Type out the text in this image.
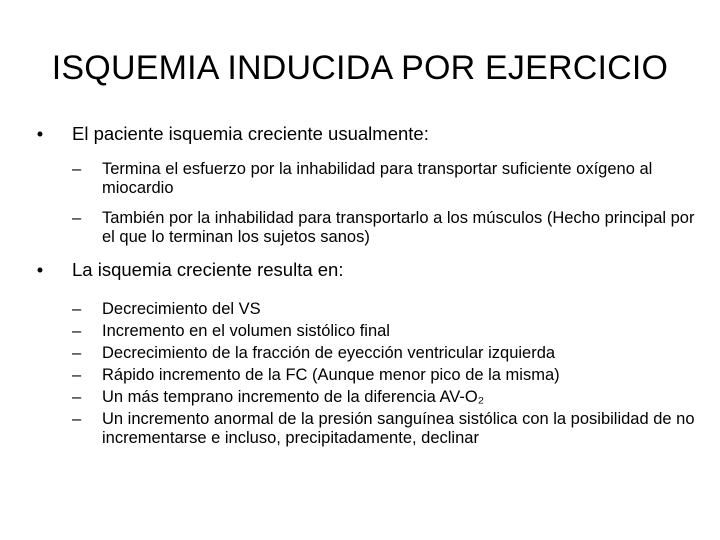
ISQUEMIA INDUCIDA POR EJERCICIO
•	El paciente isquemia creciente usualmente:
–	Termina el esfuerzo por la inhabilidad para transportar suficiente oxígeno al miocardio
–	También por la inhabilidad para transportarlo a los músculos (Hecho principal por el que lo terminan los sujetos sanos)
•	La isquemia creciente resulta en:
–	Decrecimiento del VS
–	Incremento en el volumen sistólico final
–	Decrecimiento de la fracción de eyección ventricular izquierda
–	Rápido incremento de la FC (Aunque menor pico de la misma)
–	Un más temprano incremento de la diferencia AV-O₂
–	Un incremento anormal de la presión sanguínea sistólica con la posibilidad de no incrementarse e incluso, precipitadamente, declinar
